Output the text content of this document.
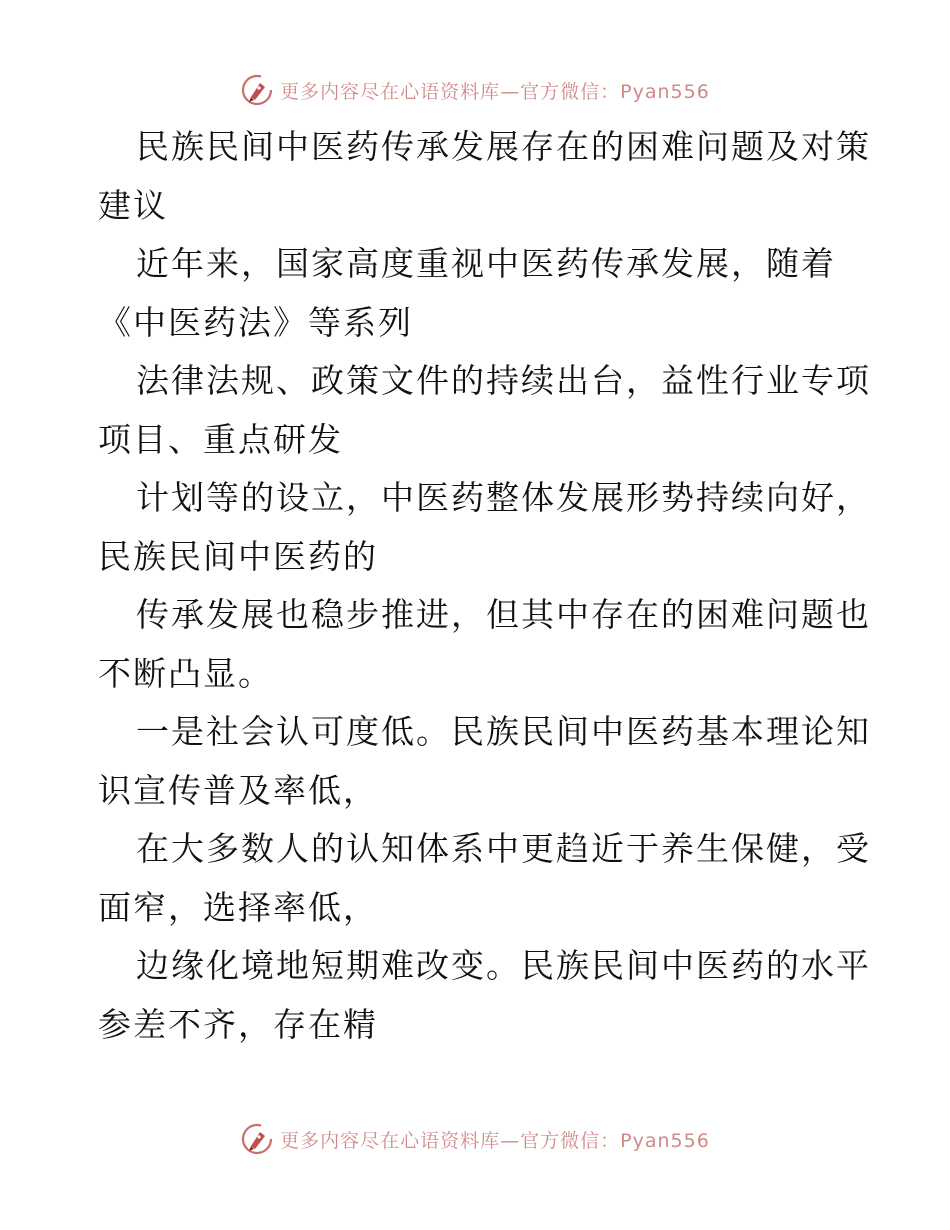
更多内容尽在心语资料库—官方微信：Pyan556
民族民间中医药传承发展存在的困难问题及对策
建议
近年来，国家高度重视中医药传承发展，随着
《中医药法》等系列
法律法规、政策文件的持续出台，益性行业专项
项目、重点研发
计划等的设立，中医药整体发展形势持续向好，
民族民间中医药的
传承发展也稳步推进，但其中存在的困难问题也
不断凸显。
一是社会认可度低。民族民间中医药基本理论知
识宣传普及率低，
在大多数人的认知体系中更趋近于养生保健，受
面窄，选择率低，
边缘化境地短期难改变。民族民间中医药的水平
参差不齐，存在精
更多内容尽在心语资料库—官方微信：Pyan556
